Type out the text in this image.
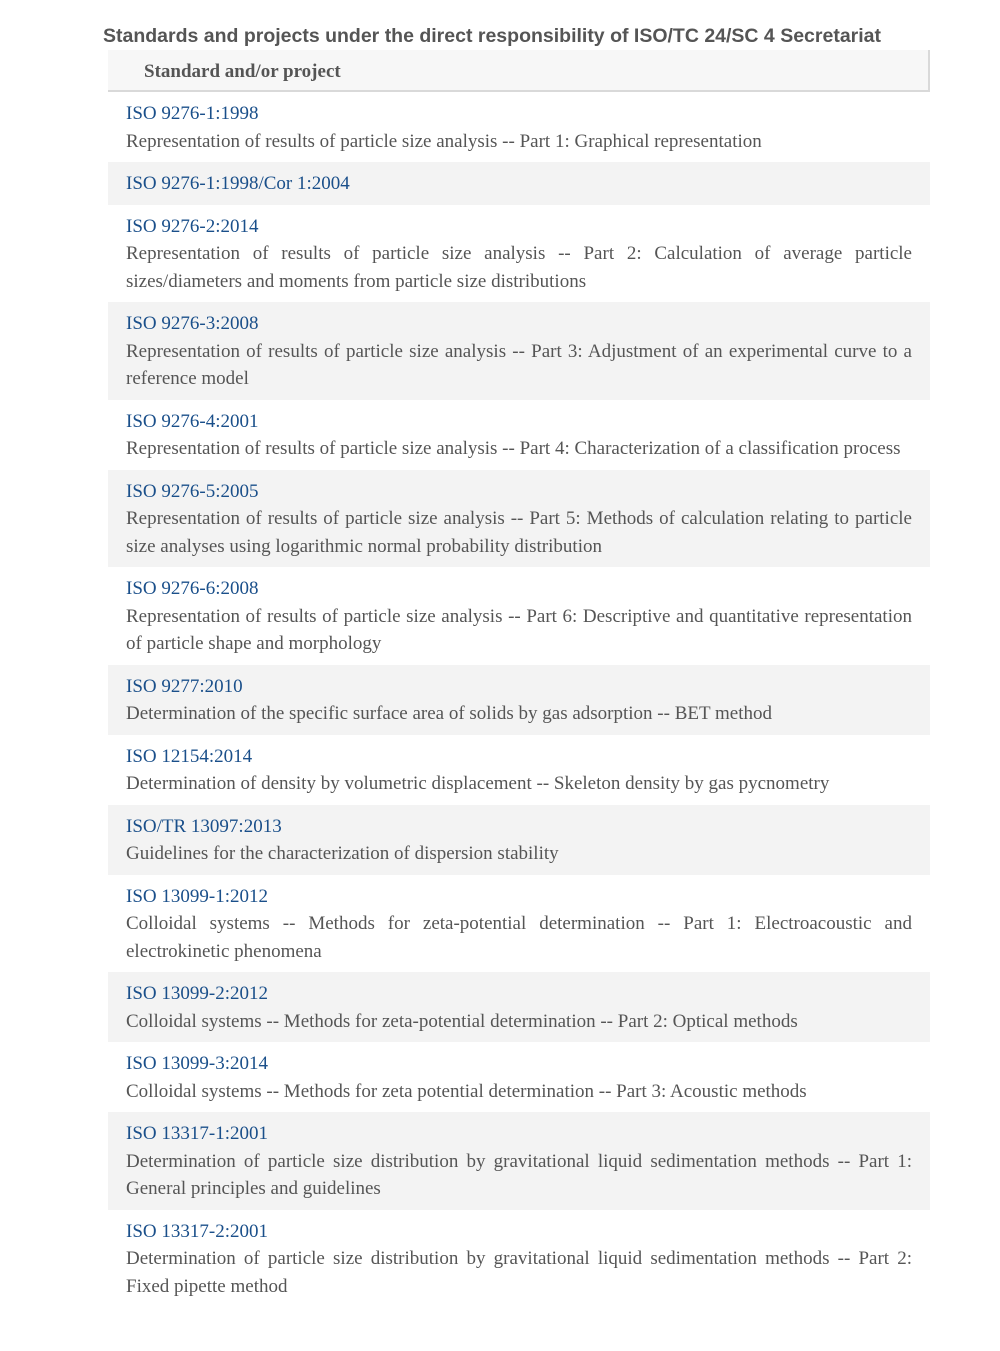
Standards and projects under the direct responsibility of ISO/TC 24/SC 4 Secretariat
Standard and/or project
ISO 9276-1:1998
Representation of results of particle size analysis -- Part 1: Graphical representation
ISO 9276-1:1998/Cor 1:2004
ISO 9276-2:2014
Representation of results of particle size analysis -- Part 2: Calculation of average particle sizes/diameters and moments from particle size distributions
ISO 9276-3:2008
Representation of results of particle size analysis -- Part 3: Adjustment of an experimental curve to a reference model
ISO 9276-4:2001
Representation of results of particle size analysis -- Part 4: Characterization of a classification process
ISO 9276-5:2005
Representation of results of particle size analysis -- Part 5: Methods of calculation relating to particle size analyses using logarithmic normal probability distribution
ISO 9276-6:2008
Representation of results of particle size analysis -- Part 6: Descriptive and quantitative representation of particle shape and morphology
ISO 9277:2010
Determination of the specific surface area of solids by gas adsorption -- BET method
ISO 12154:2014
Determination of density by volumetric displacement -- Skeleton density by gas pycnometry
ISO/TR 13097:2013
Guidelines for the characterization of dispersion stability
ISO 13099-1:2012
Colloidal systems -- Methods for zeta-potential determination -- Part 1: Electroacoustic and electrokinetic phenomena
ISO 13099-2:2012
Colloidal systems -- Methods for zeta-potential determination -- Part 2: Optical methods
ISO 13099-3:2014
Colloidal systems -- Methods for zeta potential determination -- Part 3: Acoustic methods
ISO 13317-1:2001
Determination of particle size distribution by gravitational liquid sedimentation methods -- Part 1: General principles and guidelines
ISO 13317-2:2001
Determination of particle size distribution by gravitational liquid sedimentation methods -- Part 2: Fixed pipette method
